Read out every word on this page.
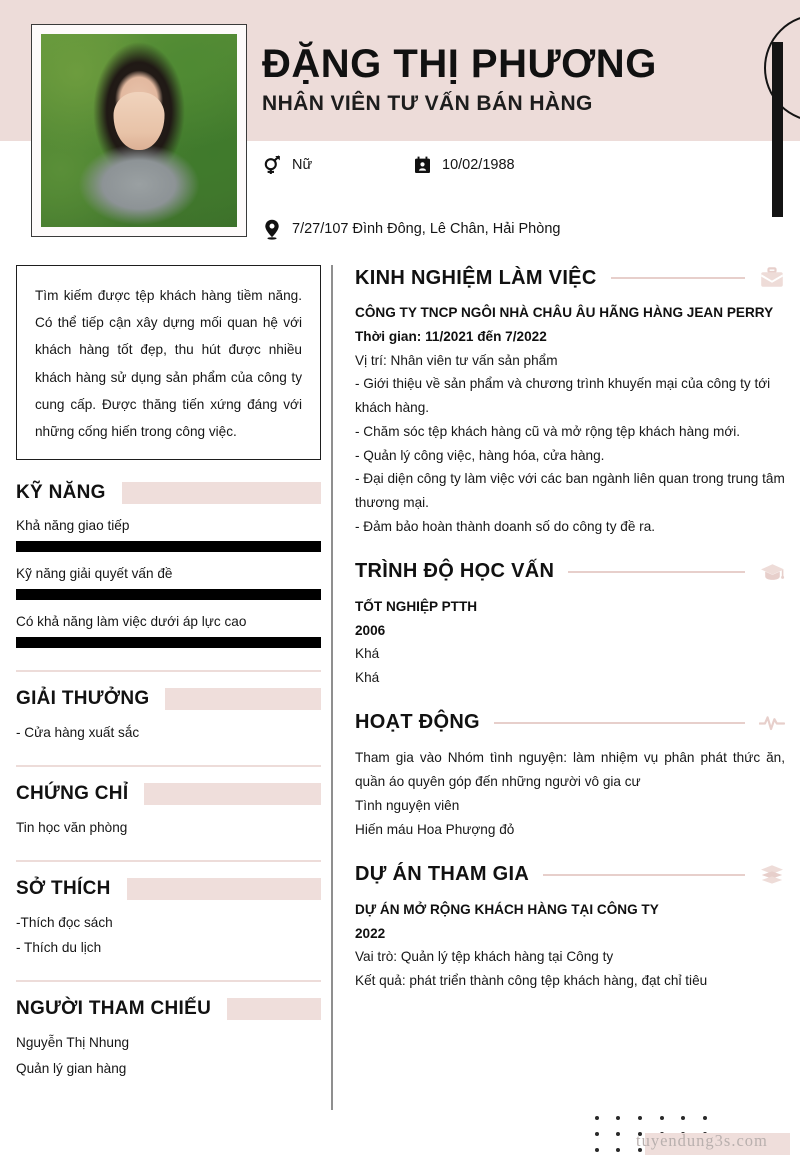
ĐẶNG THỊ PHƯƠNG
NHÂN VIÊN TƯ VẤN BÁN HÀNG
Nữ	10/02/1988
7/27/107 Đình Đông, Lê Chân, Hải Phòng
Tìm kiếm được tệp khách hàng tiềm năng. Có thể tiếp cận xây dựng mối quan hệ với khách hàng tốt đẹp, thu hút được nhiều khách hàng sử dụng sản phẩm của công ty cung cấp. Được thăng tiến xứng đáng với những cống hiến trong công việc.
KỸ NĂNG
Khả năng giao tiếp
Kỹ năng giải quyết vấn đề
Có khả năng làm việc dưới áp lực cao
GIẢI THƯỞNG
- Cửa hàng xuất sắc
CHỨNG CHỈ
Tin học văn phòng
SỞ THÍCH
-Thích đọc sách
- Thích du lịch
NGƯỜI THAM CHIẾU
Nguyễn Thị Nhung
Quản lý gian hàng
KINH NGHIỆM LÀM VIỆC
CÔNG TY TNCP NGÔI NHÀ CHÂU ÂU HÃNG HÀNG JEAN PERRY
Thời gian: 11/2021 đến 7/2022
Vị trí: Nhân viên tư vấn sản phẩm
- Giới thiệu về sản phẩm và chương trình khuyến mại của công ty tới khách hàng.
- Chăm sóc tệp khách hàng cũ và mở rộng tệp khách hàng mới.
- Quản lý công việc, hàng hóa, cửa hàng.
- Đại diện công ty làm việc với các ban ngành liên quan trong trung tâm thương mại.
- Đảm bảo hoàn thành doanh số do công ty đề ra.
TRÌNH ĐỘ HỌC VẤN
TỐT NGHIỆP PTTH
2006
Khá
Khá
HOẠT ĐỘNG
Tham gia vào Nhóm tình nguyện: làm nhiệm vụ phân phát thức ăn, quần áo quyên góp đến những người vô gia cư
Tình nguyện viên
Hiến máu Hoa Phượng đỏ
DỰ ÁN THAM GIA
DỰ ÁN MỞ RỘNG KHÁCH HÀNG TẠI CÔNG TY
2022
Vai trò: Quản lý tệp khách hàng tại Công ty
Kết quả: phát triển thành công tệp khách hàng, đạt chỉ tiêu
tuyendung3s.com
